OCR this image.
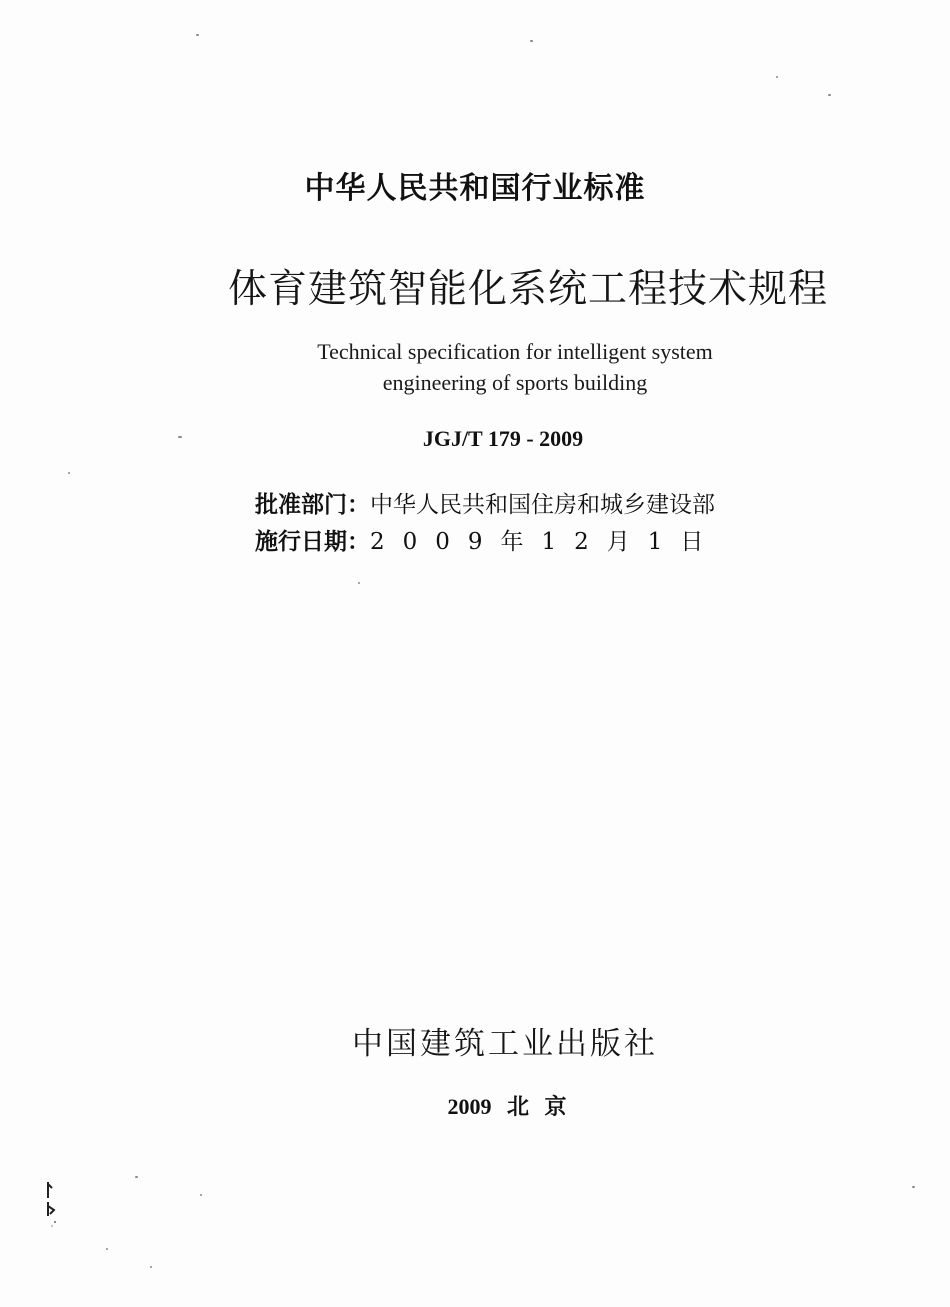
中华人民共和国行业标准
体育建筑智能化系统工程技术规程
Technical specification for intelligent system
engineering of sports building
JGJ/T 179 - 2009
批准部门：中华人民共和国住房和城乡建设部
施行日期：2009年12月1日
中国建筑工业出版社
2009 北 京
